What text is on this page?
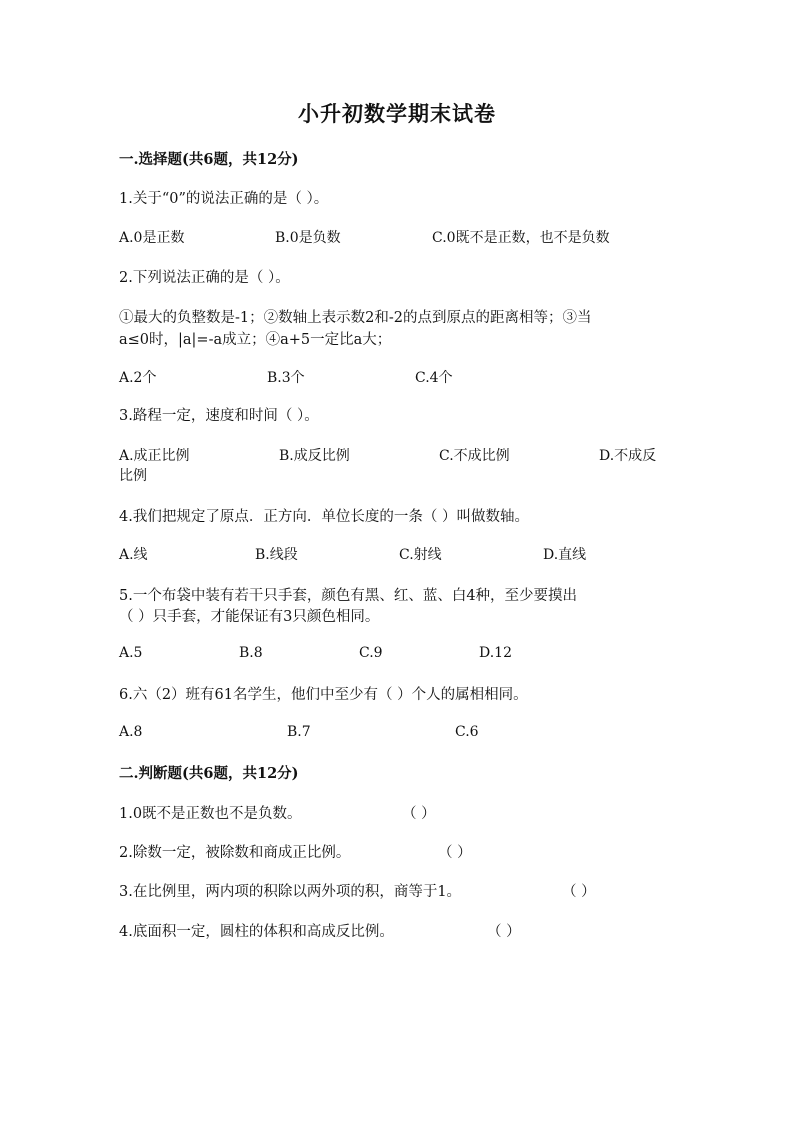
小升初数学期末试卷
一.选择题(共6题，共12分)
1.关于“0”的说法正确的是（ ）。
A.0是正数	B.0是负数	C.0既不是正数，也不是负数
2.下列说法正确的是（ ）。
①最大的负整数是-1；②数轴上表示数2和-2的点到原点的距离相等；③当
a≤0时，|a|=-a成立；④a+5一定比a大；
A.2个	B.3个	C.4个
3.路程一定，速度和时间（ ）。
A.成正比例	B.成反比例	C.不成比例	D.不成反
比例
4.我们把规定了原点．正方向．单位长度的一条（ ）叫做数轴。
A.线	B.线段	C.射线	D.直线
5.一个布袋中装有若干只手套，颜色有黑、红、蓝、白4种，至少要摸出
（ ）只手套，才能保证有3只颜色相同。
A.5	B.8	C.9	D.12
6.六（2）班有61名学生，他们中至少有（ ）个人的属相相同。
A.8	B.7	C.6
二.判断题(共6题，共12分)
1.0既不是正数也不是负数。	（ ）
2.除数一定，被除数和商成正比例。	（ ）
3.在比例里，两内项的积除以两外项的积，商等于1。	（ ）
4.底面积一定，圆柱的体积和高成反比例。	（ ）
